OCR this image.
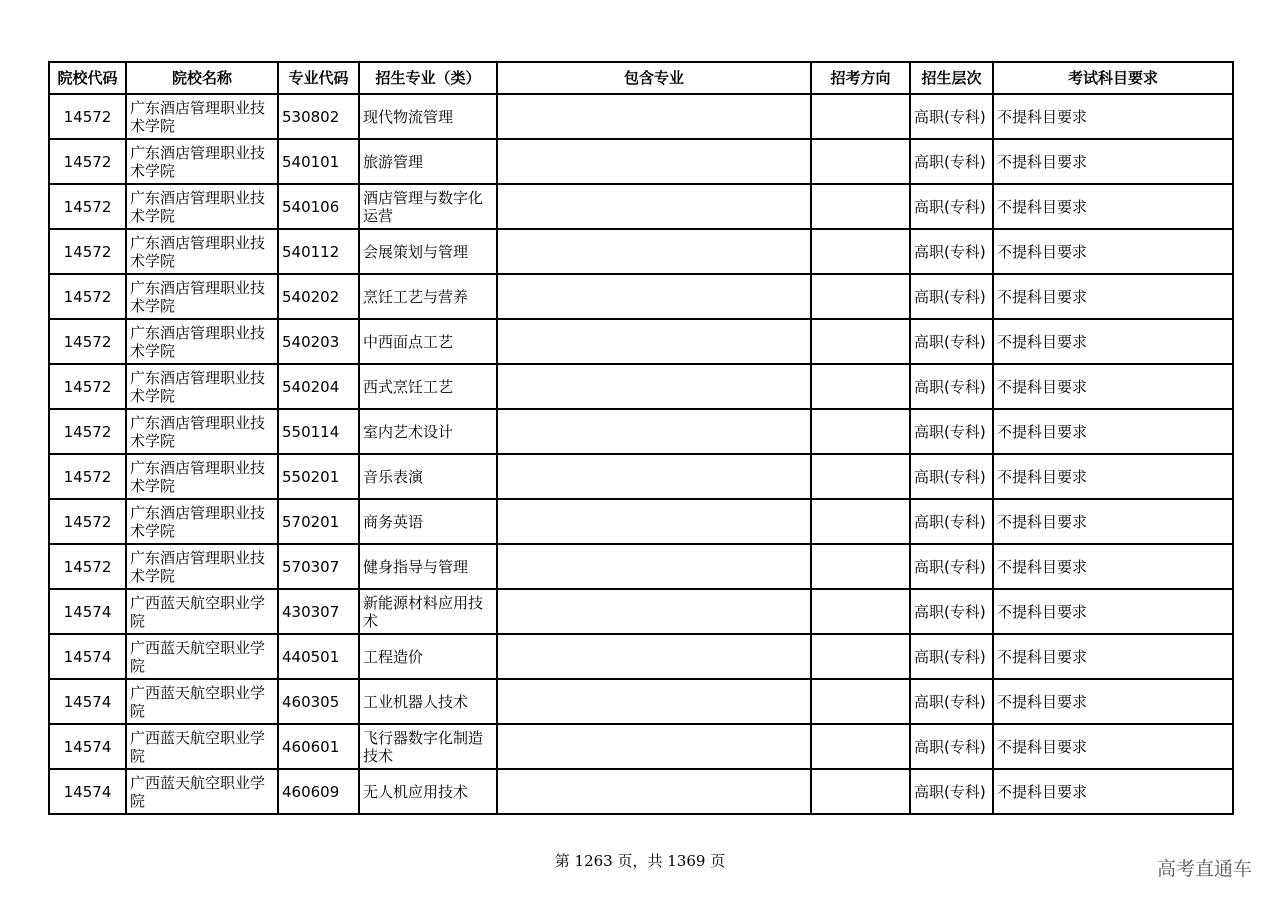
院校代码	院校名称	专业代码	招生专业（类）	包含专业	招考方向	招生层次	考试科目要求
14572	广东酒店管理职业技术学院	530802	现代物流管理			高职(专科)	不提科目要求
14572	广东酒店管理职业技术学院	540101	旅游管理			高职(专科)	不提科目要求
14572	广东酒店管理职业技术学院	540106	酒店管理与数字化运营			高职(专科)	不提科目要求
14572	广东酒店管理职业技术学院	540112	会展策划与管理			高职(专科)	不提科目要求
14572	广东酒店管理职业技术学院	540202	烹饪工艺与营养			高职(专科)	不提科目要求
14572	广东酒店管理职业技术学院	540203	中西面点工艺			高职(专科)	不提科目要求
14572	广东酒店管理职业技术学院	540204	西式烹饪工艺			高职(专科)	不提科目要求
14572	广东酒店管理职业技术学院	550114	室内艺术设计			高职(专科)	不提科目要求
14572	广东酒店管理职业技术学院	550201	音乐表演			高职(专科)	不提科目要求
14572	广东酒店管理职业技术学院	570201	商务英语			高职(专科)	不提科目要求
14572	广东酒店管理职业技术学院	570307	健身指导与管理			高职(专科)	不提科目要求
14574	广西蓝天航空职业学院	430307	新能源材料应用技术			高职(专科)	不提科目要求
14574	广西蓝天航空职业学院	440501	工程造价			高职(专科)	不提科目要求
14574	广西蓝天航空职业学院	460305	工业机器人技术			高职(专科)	不提科目要求
14574	广西蓝天航空职业学院	460601	飞行器数字化制造技术			高职(专科)	不提科目要求
14574	广西蓝天航空职业学院	460609	无人机应用技术			高职(专科)	不提科目要求
第 1263 页，共 1369 页	高考直通车
